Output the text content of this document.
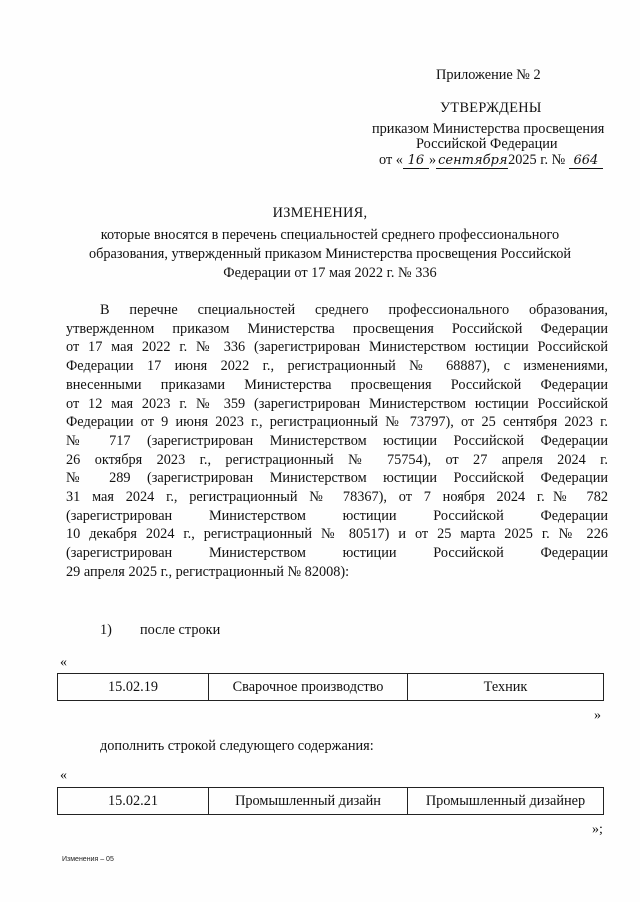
Приложение № 2
УТВЕРЖДЕНЫ
приказом Министерства просвещения
Российской Федерации
от « 16 » сентября2025 г. № 664
ИЗМЕНЕНИЯ,
которые вносятся в перечень специальностей среднего профессионального
образования, утвержденный приказом Министерства просвещения Российской
Федерации от 17 мая 2022 г. № 336
В перечне специальностей среднего профессионального образования,
утвержденном приказом Министерства просвещения Российской Федерации
от 17 мая 2022 г. № 336 (зарегистрирован Министерством юстиции Российской
Федерации 17 июня 2022 г., регистрационный № 68887), с изменениями,
внесенными приказами Министерства просвещения Российской Федерации
от 12 мая 2023 г. № 359 (зарегистрирован Министерством юстиции Российской
Федерации от 9 июня 2023 г., регистрационный № 73797), от 25 сентября 2023 г.
№ 717 (зарегистрирован Министерством юстиции Российской Федерации
26 октября 2023 г., регистрационный № 75754), от 27 апреля 2024 г.
№ 289 (зарегистрирован Министерством юстиции Российской Федерации
31 мая 2024 г., регистрационный № 78367), от 7 ноября 2024 г.№ 782
(зарегистрирован Министерством юстиции Российской Федерации
10 декабря 2024 г., регистрационный № 80517) и от 25 марта 2025 г. № 226
(зарегистрирован Министерством юстиции Российской Федерации
29 апреля 2025 г., регистрационный № 82008):
1) после строки
«
15.02.19	Сварочное производство	Техник
»
дополнить строкой следующего содержания:
«
15.02.21	Промышленный дизайн	Промышленный дизайнер
»;
Изменения – 05
